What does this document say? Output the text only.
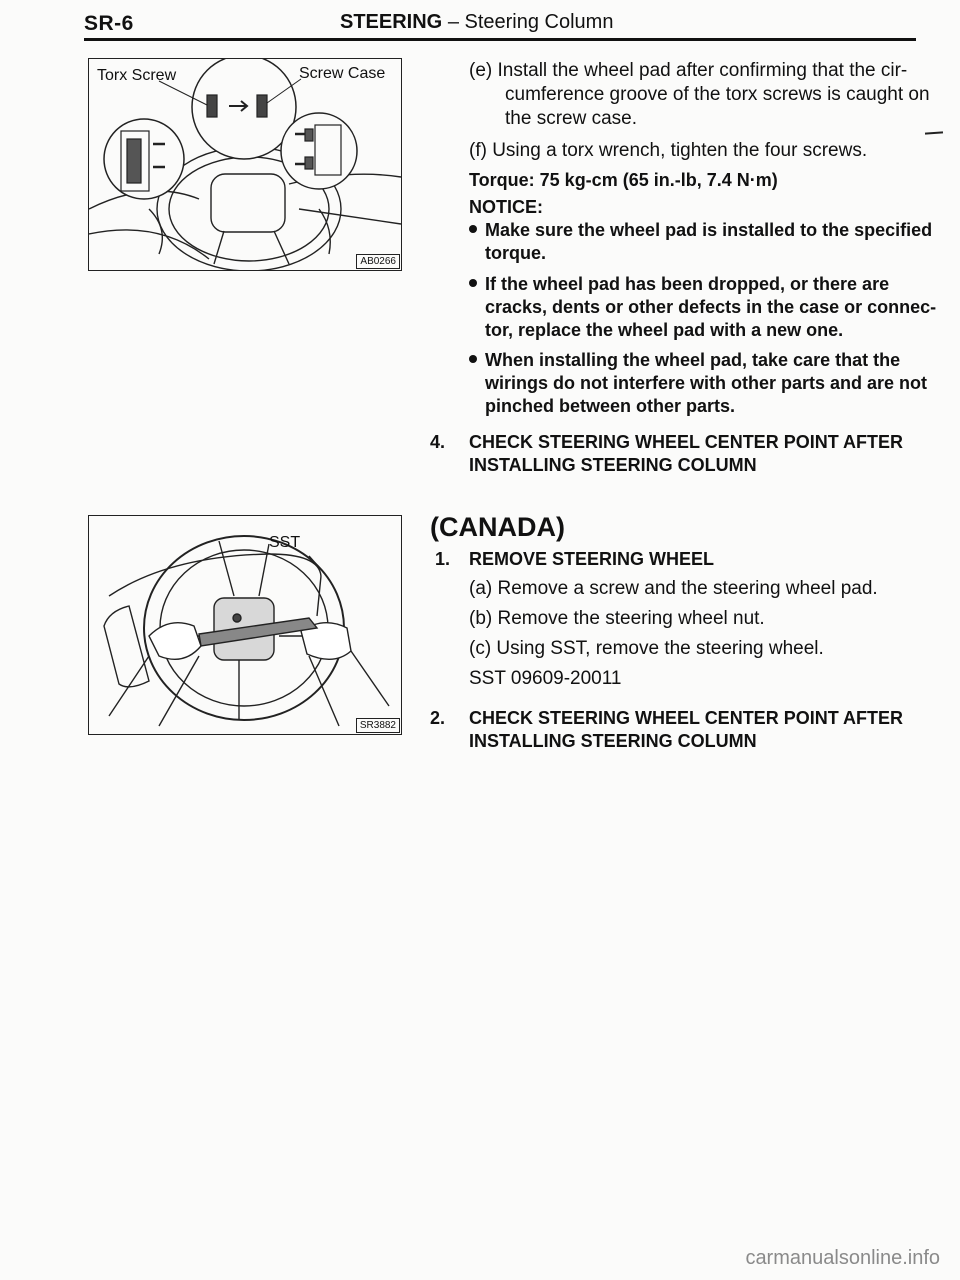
SR-6	STEERING – Steering Column
Torx Screw	Screw Case
AB0266
(e) Install the wheel pad after confirming that the cir-
cumference groove of the torx screws is caught on
the screw case.
(f) Using a torx wrench, tighten the four screws.
Torque: 75 kg-cm (65 in.-lb, 7.4 N·m)
NOTICE:
Make sure the wheel pad is installed to the specified
torque.
If the wheel pad has been dropped, or there are
cracks, dents or other defects in the case or connec-
tor, replace the wheel pad with a new one.
When installing the wheel pad, take care that the
wirings do not interfere with other parts and are not
pinched between other parts.
4. CHECK STEERING WHEEL CENTER POINT AFTER
INSTALLING STEERING COLUMN
SST
SR3882
(CANADA)
1. REMOVE STEERING WHEEL
(a) Remove a screw and the steering wheel pad.
(b) Remove the steering wheel nut.
(c) Using SST, remove the steering wheel.
SST 09609-20011
2. CHECK STEERING WHEEL CENTER POINT AFTER
INSTALLING STEERING COLUMN
carmanualsonline.info
